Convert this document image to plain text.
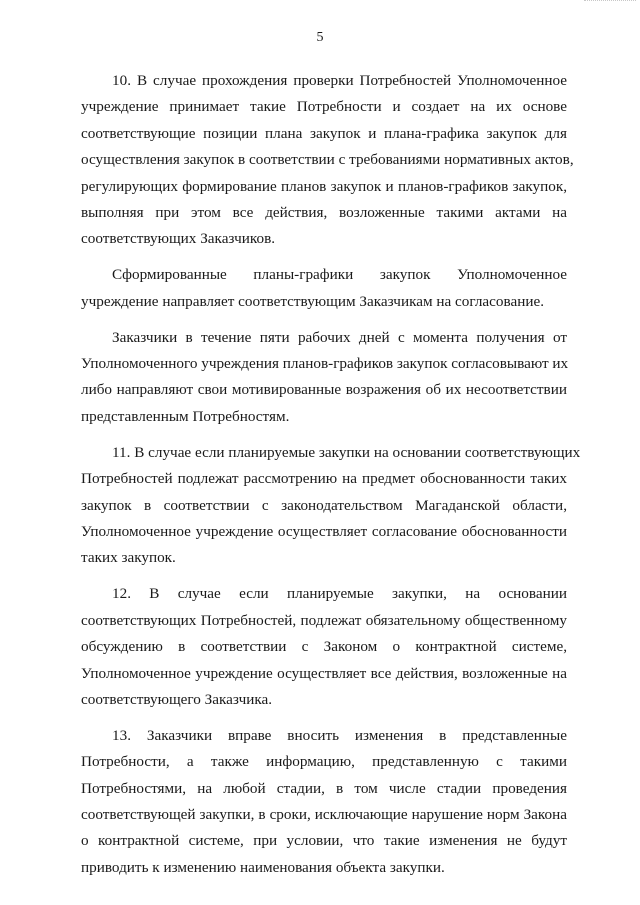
5

10. В случае прохождения проверки Потребностей Уполномоченное
учреждение принимает такие Потребности и создает на их основе
соответствующие позиции плана закупок и плана-графика закупок для
осуществления закупок в соответствии с требованиями нормативных актов,
регулирующих формирование планов закупок и планов-графиков закупок,
выполняя при этом все действия, возложенные такими актами на
соответствующих Заказчиков.

Сформированные планы-графики закупок Уполномоченное
учреждение направляет соответствующим Заказчикам на согласование.

Заказчики в течение пяти рабочих дней с момента получения от
Уполномоченного учреждения планов-графиков закупок согласовывают их
либо направляют свои мотивированные возражения об их несоответствии
представленным Потребностям.

11. В случае если планируемые закупки на основании соответствующих
Потребностей подлежат рассмотрению на предмет обоснованности таких
закупок в соответствии с законодательством Магаданской области,
Уполномоченное учреждение осуществляет согласование обоснованности
таких закупок.

12. В случае если планируемые закупки, на основании
соответствующих Потребностей, подлежат обязательному общественному
обсуждению в соответствии с Законом о контрактной системе,
Уполномоченное учреждение осуществляет все действия, возложенные на
соответствующего Заказчика.

13. Заказчики вправе вносить изменения в представленные
Потребности, а также информацию, представленную с такими
Потребностями, на любой стадии, в том числе стадии проведения
соответствующей закупки, в сроки, исключающие нарушение норм Закона
о контрактной системе, при условии, что такие изменения не будут
приводить к изменению наименования объекта закупки.
